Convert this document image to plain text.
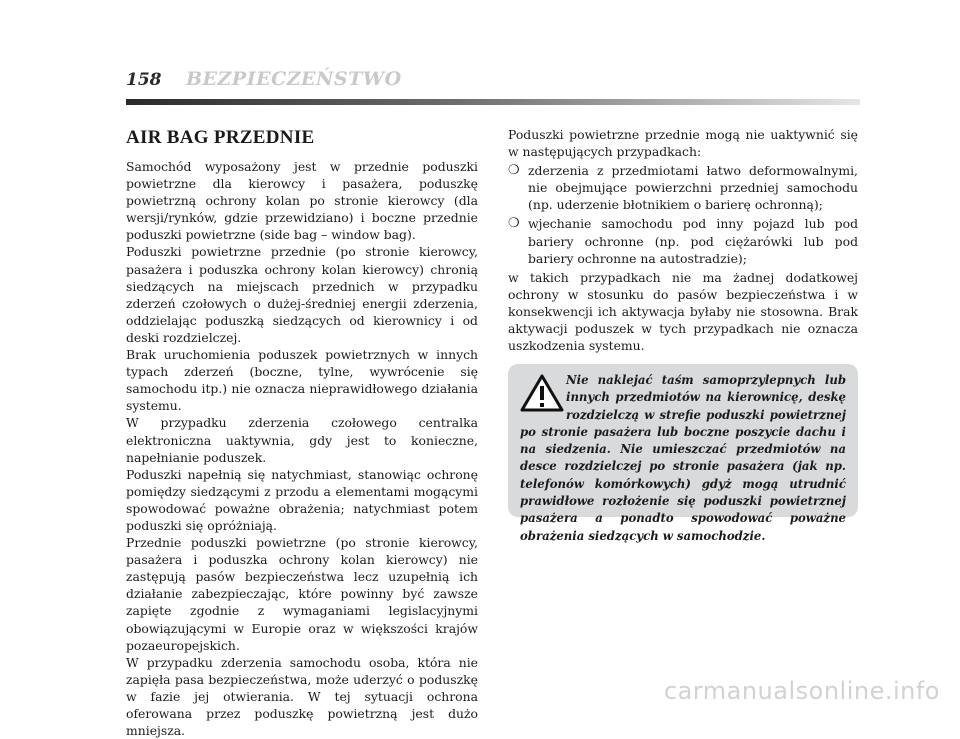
158 BEZPIECZEŃSTWO
AIR BAG PRZEDNIE

Samochód wyposażony jest w przednie poduszki powietrzne dla kierowcy i pasażera, poduszkę powietrzną ochrony kolan po stronie kierowcy (dla wersji/rynków, gdzie przewidziano) i boczne przednie poduszki powietrzne (side bag – window bag).

Poduszki powietrzne przednie (po stronie kierowcy, pasażera i poduszka ochrony kolan kierowcy) chronią siedzących na miejscach przednich w przypadku zderzeń czołowych o dużej-średniej energii zderzenia, oddzielając poduszką siedzących od kierownicy i od deski rozdzielczej.

Brak uruchomienia poduszek powietrznych w innych typach zderzeń (boczne, tylne, wywrócenie się samochodu itp.) nie oznacza nieprawidłowego działania systemu.

W przypadku zderzenia czołowego centralka elektroniczna uaktywnia, gdy jest to konieczne, napełnianie poduszek.

Poduszki napełnią się natychmiast, stanowiąc ochronę pomiędzy siedzącymi z przodu a elementami mogącymi spowodować poważne obrażenia; natychmiast potem poduszki się opróżniają.

Przednie poduszki powietrzne (po stronie kierowcy, pasażera i poduszka ochrony kolan kierowcy) nie zastępują pasów bezpieczeństwa lecz uzupełnią ich działanie zabezpieczając, które powinny być zawsze zapięte zgodnie z wymaganiami legislacyjnymi obowiązującymi w Europie oraz w większości krajów pozaeuropejskich.

W przypadku zderzenia samochodu osoba, która nie zapięła pasa bezpieczeństwa, może uderzyć o poduszkę w fazie jej otwierania. W tej sytuacji ochrona oferowana przez poduszkę powietrzną jest dużo mniejsza.

Poduszki powietrzne przednie mogą nie uaktywnić się w następujących przypadkach:

❍ zderzenia z przedmiotami łatwo deformowalnymi, nie obejmujące powierzchni przedniej samochodu (np. uderzenie błotnikiem o barierę ochronną);
❍ wjechanie samochodu pod inny pojazd lub pod bariery ochronne (np. pod ciężarówki lub pod bariery ochronne na autostradzie);

w takich przypadkach nie ma żadnej dodatkowej ochrony w stosunku do pasów bezpieczeństwa i w konsekwencji ich aktywacja byłaby nie stosowna. Brak aktywacji poduszek w tych przypadkach nie oznacza uszkodzenia systemu.

Nie naklejać taśm samoprzylepnych lub innych przedmiotów na kierownicę, deskę rozdzielczą w strefie poduszki powietrznej po stronie pasażera lub boczne poszycie dachu i na siedzenia. Nie umieszczać przedmiotów na desce rozdzielczej po stronie pasażera (jak np. telefonów komórkowych) gdyż mogą utrudnić prawidłowe rozłożenie się poduszki powietrznej pasażera a ponadto spowodować poważne obrażenia siedzących w samochodzie.
carmanualsonline.info
